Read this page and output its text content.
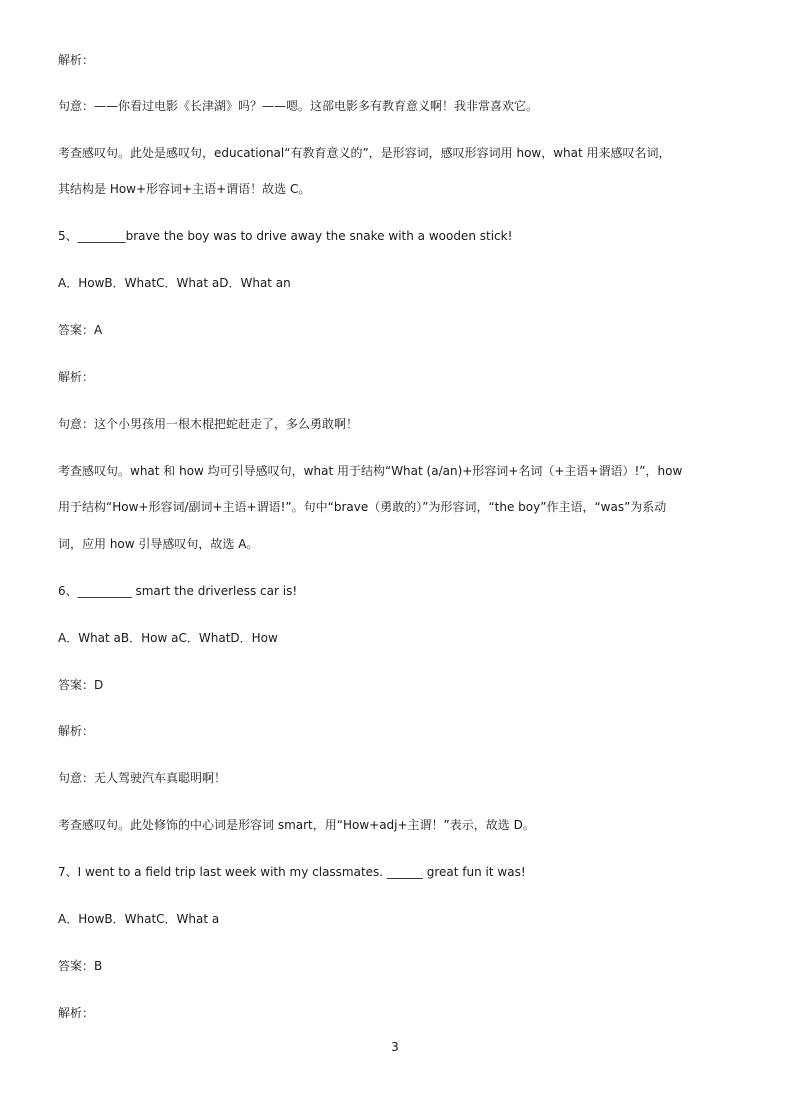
解析：
句意：——你看过电影《长津湖》吗？——嗯。这部电影多有教育意义啊！我非常喜欢它。
考查感叹句。此处是感叹句，educational“有教育意义的”，是形容词，感叹形容词用 how，what 用来感叹名词，
其结构是 How+形容词+主语+谓语！故选 C。
5、________brave the boy was to drive away the snake with a wooden stick!
A．HowB．WhatC．What aD．What an
答案：A
解析：
句意：这个小男孩用一根木棍把蛇赶走了，多么勇敢啊！
考查感叹句。what 和 how 均可引导感叹句，what 用于结构“What (a/an)+形容词+名词（+主语+谓语）!”，how
用于结构“How+形容词/副词+主语+谓语!”。句中“brave（勇敢的）”为形容词，“the boy”作主语，“was”为系动
词，应用 how 引导感叹句，故选 A。
6、_________ smart the driverless car is!
A．What aB．How aC．WhatD．How
答案：D
解析：
句意：无人驾驶汽车真聪明啊！
考查感叹句。此处修饰的中心词是形容词 smart，用“How+adj+主谓！”表示，故选 D。
7、I went to a field trip last week with my classmates. ______ great fun it was!
A．HowB．WhatC．What a
答案：B
解析：
3
